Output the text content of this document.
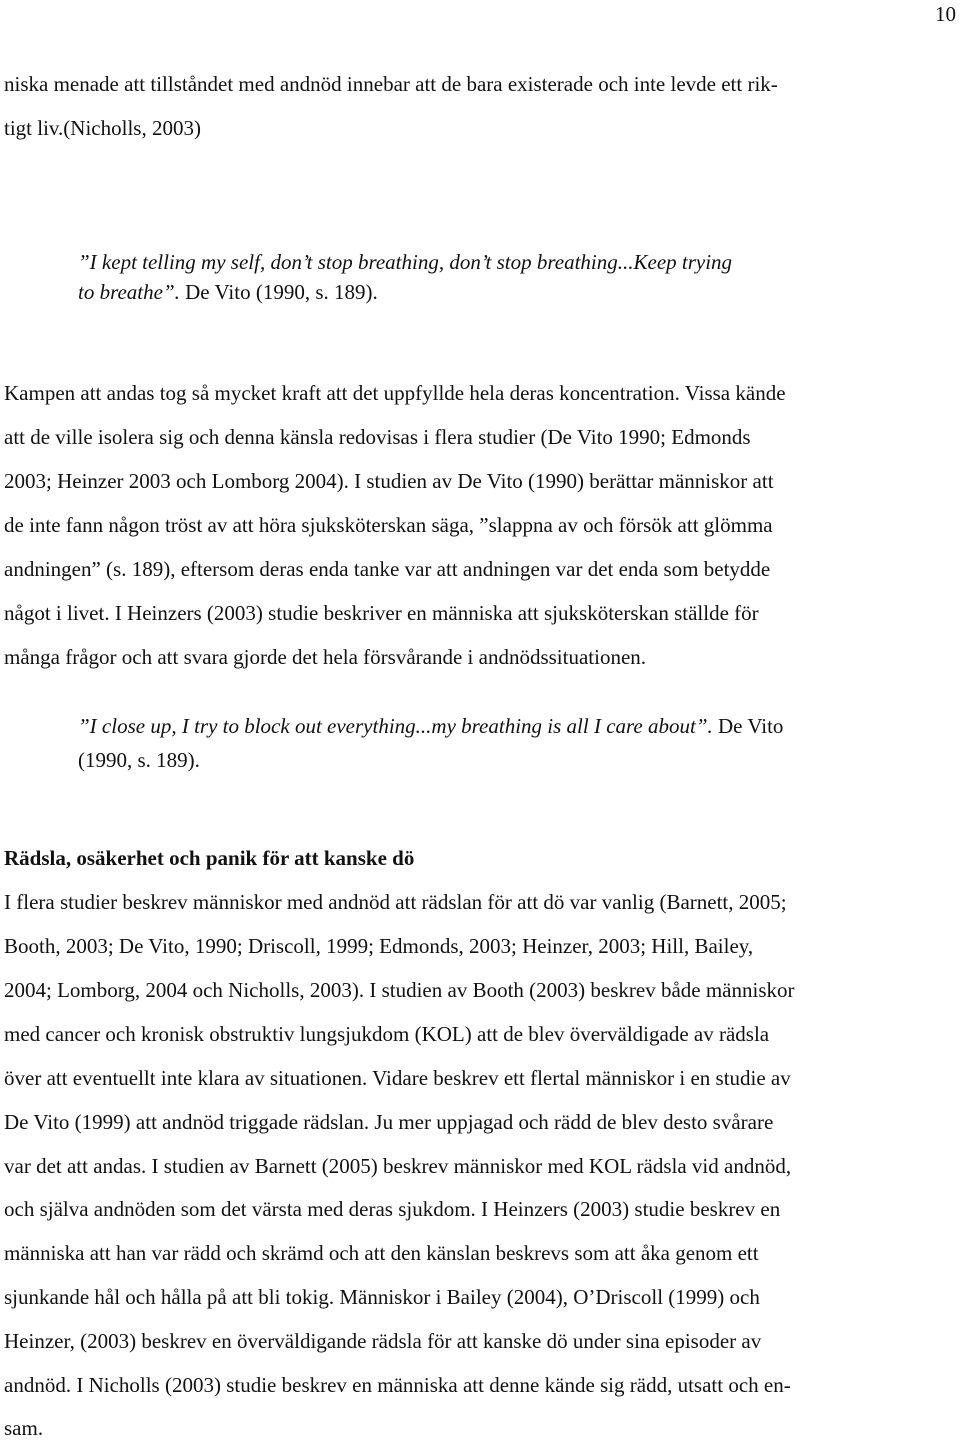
10
niska menade att tillståndet med andnöd innebar att de bara existerade och inte levde ett rik-
tigt liv.(Nicholls, 2003)
”I kept telling my self, don’t stop breathing, don’t stop breathing...Keep trying
to breathe”. De Vito (1990, s. 189).
Kampen att andas tog så mycket kraft att det uppfyllde hela deras koncentration. Vissa kände
att de ville isolera sig och denna känsla redovisas i flera studier (De Vito 1990; Edmonds
2003; Heinzer 2003 och Lomborg 2004). I studien av De Vito (1990) berättar människor att
de inte fann någon tröst av att höra sjuksköterskan säga, ”slappna av och försök att glömma
andningen” (s. 189), eftersom deras enda tanke var att andningen var det enda som betydde
något i livet. I Heinzers (2003) studie beskriver en människa att sjuksköterskan ställde för
många frågor och att svara gjorde det hela försvårande i andnödssituationen.
”I close up, I try to block out everything...my breathing is all I care about”. De Vito
(1990, s. 189).
Rädsla, osäkerhet och panik för att kanske dö
I flera studier beskrev människor med andnöd att rädslan för att dö var vanlig (Barnett, 2005;
Booth, 2003; De Vito, 1990; Driscoll, 1999; Edmonds, 2003; Heinzer, 2003; Hill, Bailey,
2004; Lomborg, 2004 och Nicholls, 2003). I studien av Booth (2003) beskrev både människor
med cancer och kronisk obstruktiv lungsjukdom (KOL) att de blev överväldigade av rädsla
över att eventuellt inte klara av situationen. Vidare beskrev ett flertal människor i en studie av
De Vito (1999) att andnöd triggade rädslan. Ju mer uppjagad och rädd de blev desto svårare
var det att andas. I studien av Barnett (2005) beskrev människor med KOL rädsla vid andnöd,
och själva andnöden som det värsta med deras sjukdom. I Heinzers (2003) studie beskrev en
människa att han var rädd och skrämd och att den känslan beskrevs som att åka genom ett
sjunkande hål och hålla på att bli tokig. Människor i Bailey (2004), O’Driscoll (1999) och
Heinzer, (2003) beskrev en överväldigande rädsla för att kanske dö under sina episoder av
andnöd. I Nicholls (2003) studie beskrev en människa att denne kände sig rädd, utsatt och en-
sam.
